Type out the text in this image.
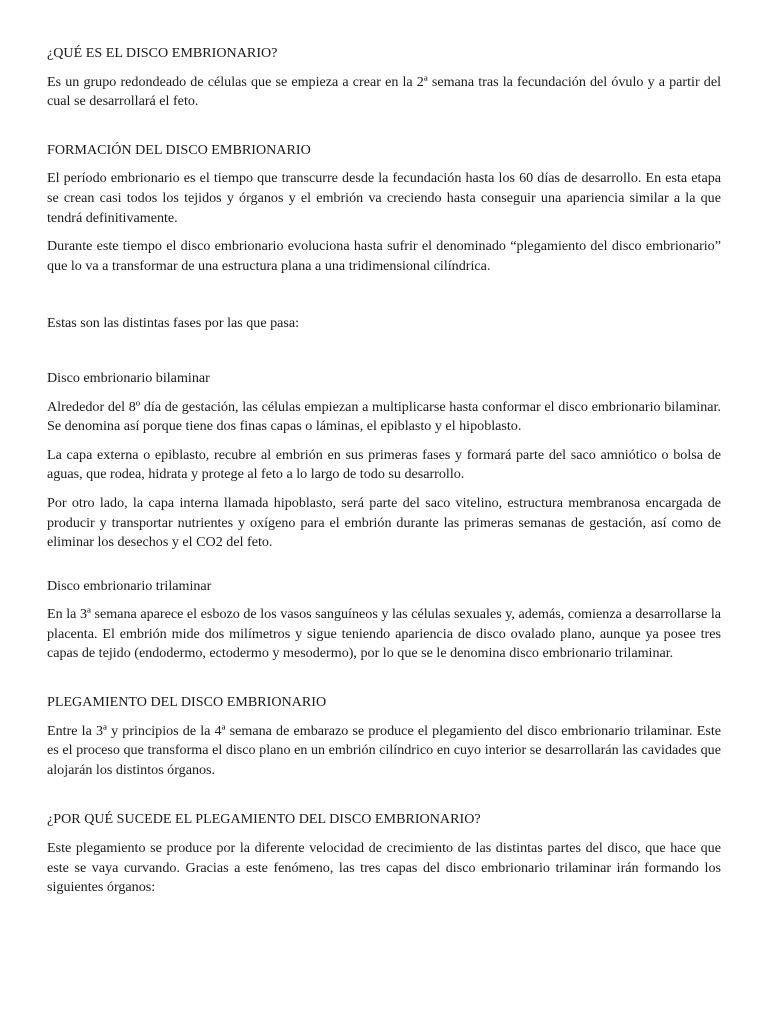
¿QUÉ ES EL DISCO EMBRIONARIO?

Es un grupo redondeado de células que se empieza a crear en la 2ª semana tras la fecundación del óvulo y a partir del cual se desarrollará el feto.

FORMACIÓN DEL DISCO EMBRIONARIO

El período embrionario es el tiempo que transcurre desde la fecundación hasta los 60 días de desarrollo. En esta etapa se crean casi todos los tejidos y órganos y el embrión va creciendo hasta conseguir una apariencia similar a la que tendrá definitivamente.

Durante este tiempo el disco embrionario evoluciona hasta sufrir el denominado “plegamiento del disco embrionario” que lo va a transformar de una estructura plana a una tridimensional cilíndrica.

Estas son las distintas fases por las que pasa:

Disco embrionario bilaminar

Alrededor del 8º día de gestación, las células empiezan a multiplicarse hasta conformar el disco embrionario bilaminar. Se denomina así porque tiene dos finas capas o láminas, el epiblasto y el hipoblasto.

La capa externa o epiblasto, recubre al embrión en sus primeras fases y formará parte del saco amniótico o bolsa de aguas, que rodea, hidrata y protege al feto a lo largo de todo su desarrollo.

Por otro lado, la capa interna llamada hipoblasto, será parte del saco vitelino, estructura membranosa encargada de producir y transportar nutrientes y oxígeno para el embrión durante las primeras semanas de gestación, así como de eliminar los desechos y el CO2 del feto.

Disco embrionario trilaminar

En la 3ª semana aparece el esbozo de los vasos sanguíneos y las células sexuales y, además, comienza a desarrollarse la placenta. El embrión mide dos milímetros y sigue teniendo apariencia de disco ovalado plano, aunque ya posee tres capas de tejido (endodermo, ectodermo y mesodermo), por lo que se le denomina disco embrionario trilaminar.

PLEGAMIENTO DEL DISCO EMBRIONARIO

Entre la 3ª y principios de la 4ª semana de embarazo se produce el plegamiento del disco embrionario trilaminar. Este es el proceso que transforma el disco plano en un embrión cilíndrico en cuyo interior se desarrollarán las cavidades que alojarán los distintos órganos.

¿POR QUÉ SUCEDE EL PLEGAMIENTO DEL DISCO EMBRIONARIO?

Este plegamiento se produce por la diferente velocidad de crecimiento de las distintas partes del disco, que hace que este se vaya curvando. Gracias a este fenómeno, las tres capas del disco embrionario trilaminar irán formando los siguientes órganos:
